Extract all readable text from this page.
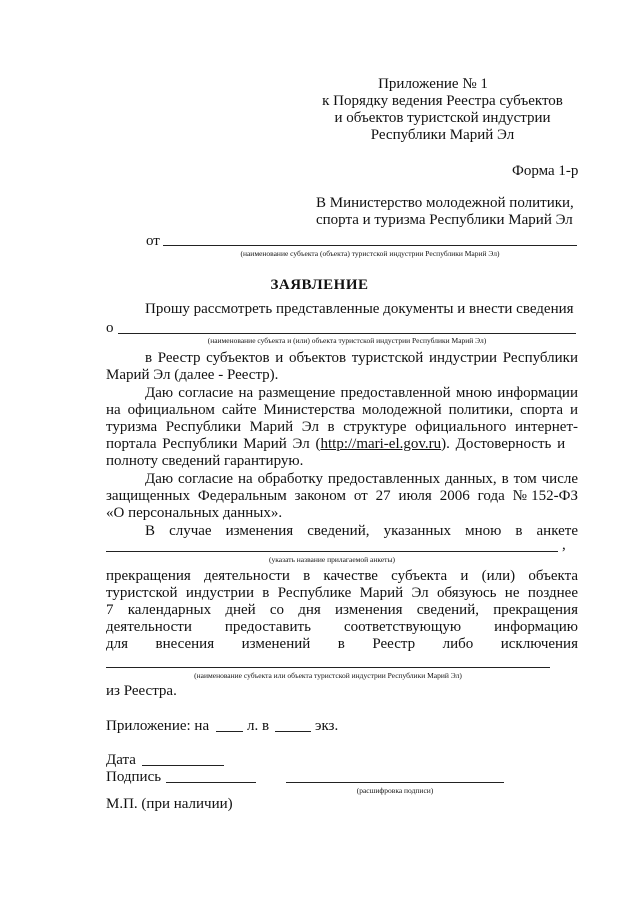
Приложение № 1
к Порядку ведения Реестра субъектов
и объектов туристской индустрии
Республики Марий Эл
Форма 1-р
В Министерство молодежной политики,
спорта и туризма Республики Марий Эл
от
(наименование субъекта (объекта) туристской индустрии Республики Марий Эл)
ЗАЯВЛЕНИЕ
Прошу рассмотреть представленные документы и внести сведения
о
(наименование субъекта и (или) объекта туристской индустрии Республики Марий Эл)
в Реестр субъектов и объектов туристской индустрии Республики
Марий Эл (далее - Реестр).
Даю согласие на размещение предоставленной мною информации
на официальном сайте Министерства молодежной политики, спорта и
туризма Республики Марий Эл в структуре официального интернет-
портала Республики Марий Эл (http://mari-el.gov.ru). Достоверность и
полноту сведений гарантирую.
Даю согласие на обработку предоставленных данных, в том числе
защищенных Федеральным законом от 27 июля 2006 года №152-ФЗ
«О персональных данных».
В случае изменения сведений, указанных мною в анкете
,
(указать название прилагаемой анкеты)
прекращения деятельности в качестве субъекта и (или) объекта
туристской индустрии в Республике Марий Эл обязуюсь не позднее
7 календарных дней со дня изменения сведений, прекращения
деятельности предоставить соответствующую информацию
для внесения изменений в Реестр либо исключения
(наименование субъекта или объекта туристской индустрии Республики Марий Эл)
из Реестра.
Приложение: на	л. в	экз.
Дата
Подпись
(расшифровка подписи)
М.П. (при наличии)
